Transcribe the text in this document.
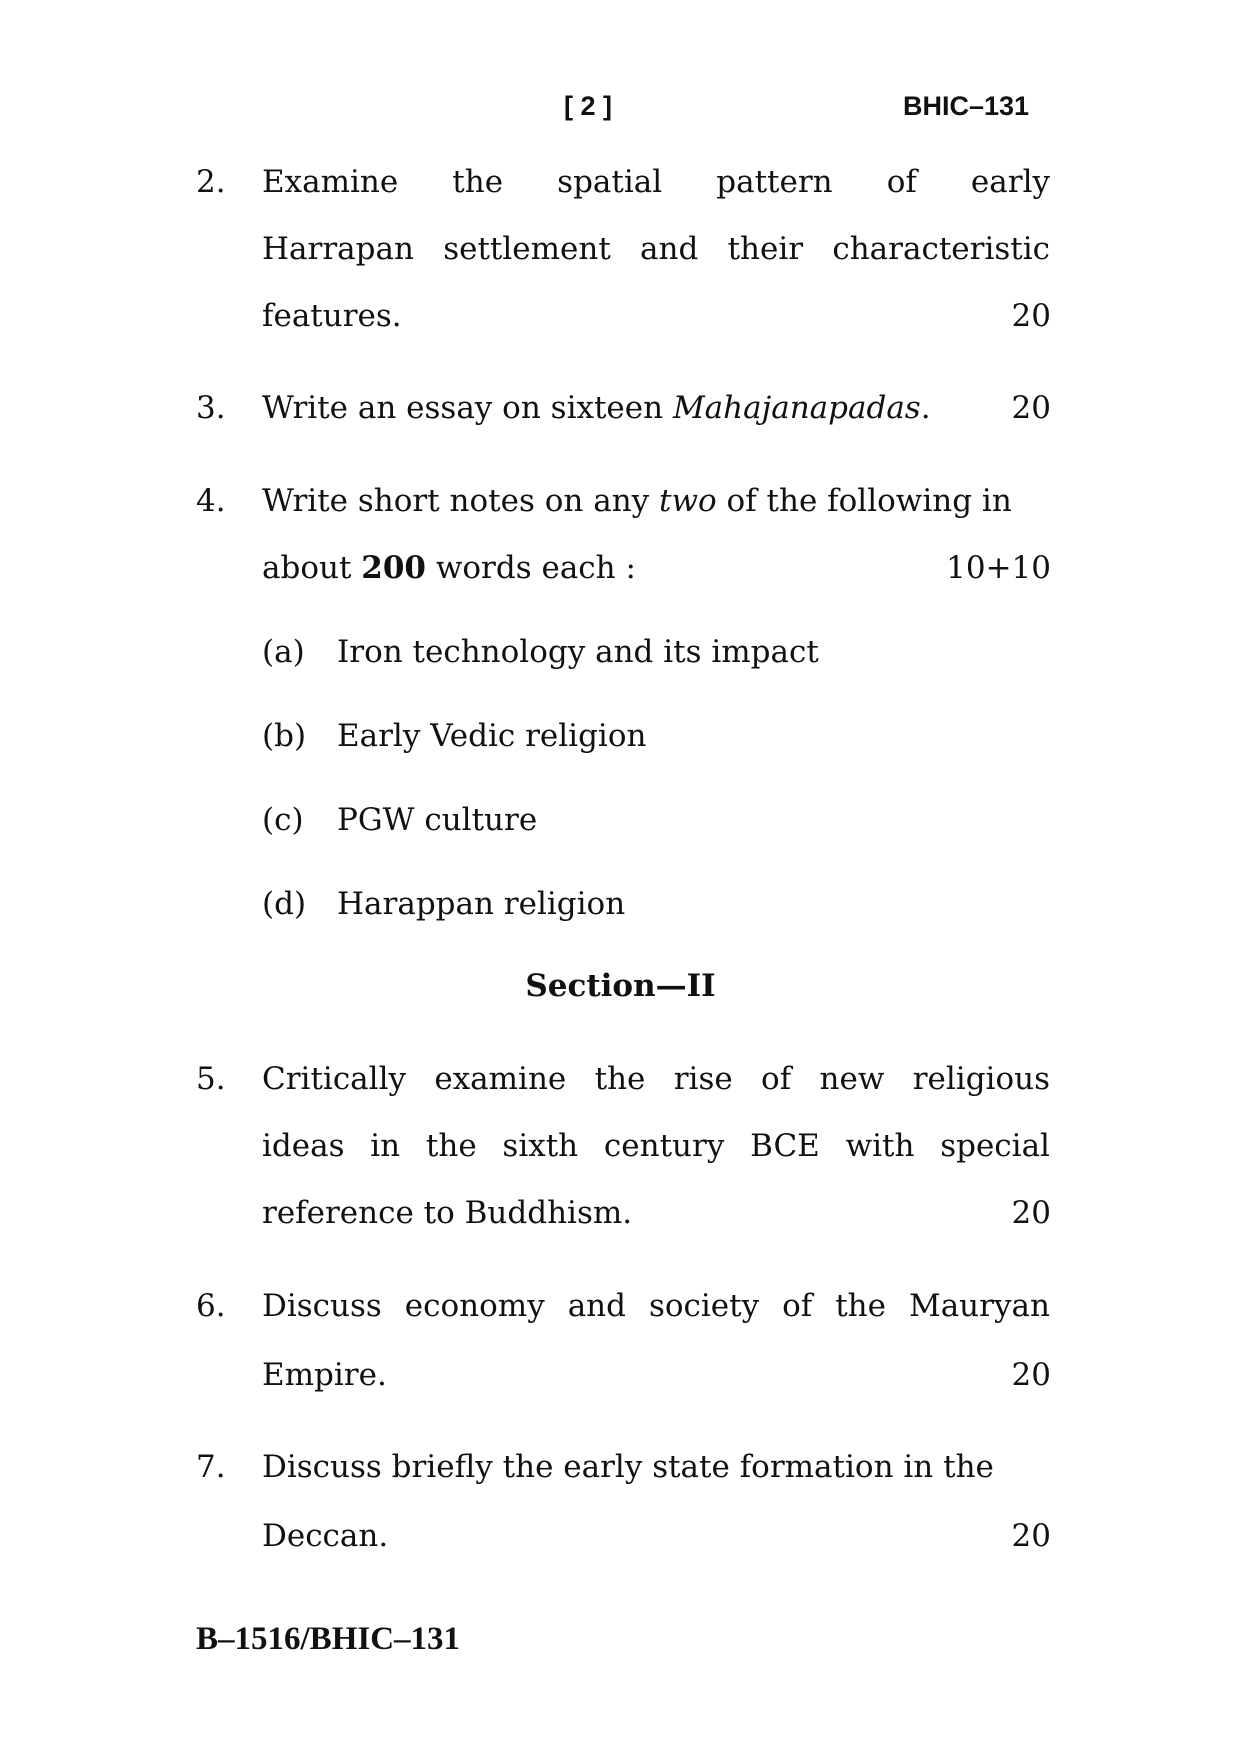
[ 2 ]	BHIC–131
2. Examine the spatial pattern of early
Harrapan settlement and their characteristic
features.	20
3. Write an essay on sixteen Mahajanapadas.	20
4. Write short notes on any two of the following in
about 200 words each :	10+10
(a) Iron technology and its impact
(b) Early Vedic religion
(c) PGW culture
(d) Harappan religion
Section—II
5. Critically examine the rise of new religious
ideas in the sixth century BCE with special
reference to Buddhism.	20
6. Discuss economy and society of the Mauryan
Empire.	20
7. Discuss briefly the early state formation in the
Deccan.	20
B–1516/BHIC–131
